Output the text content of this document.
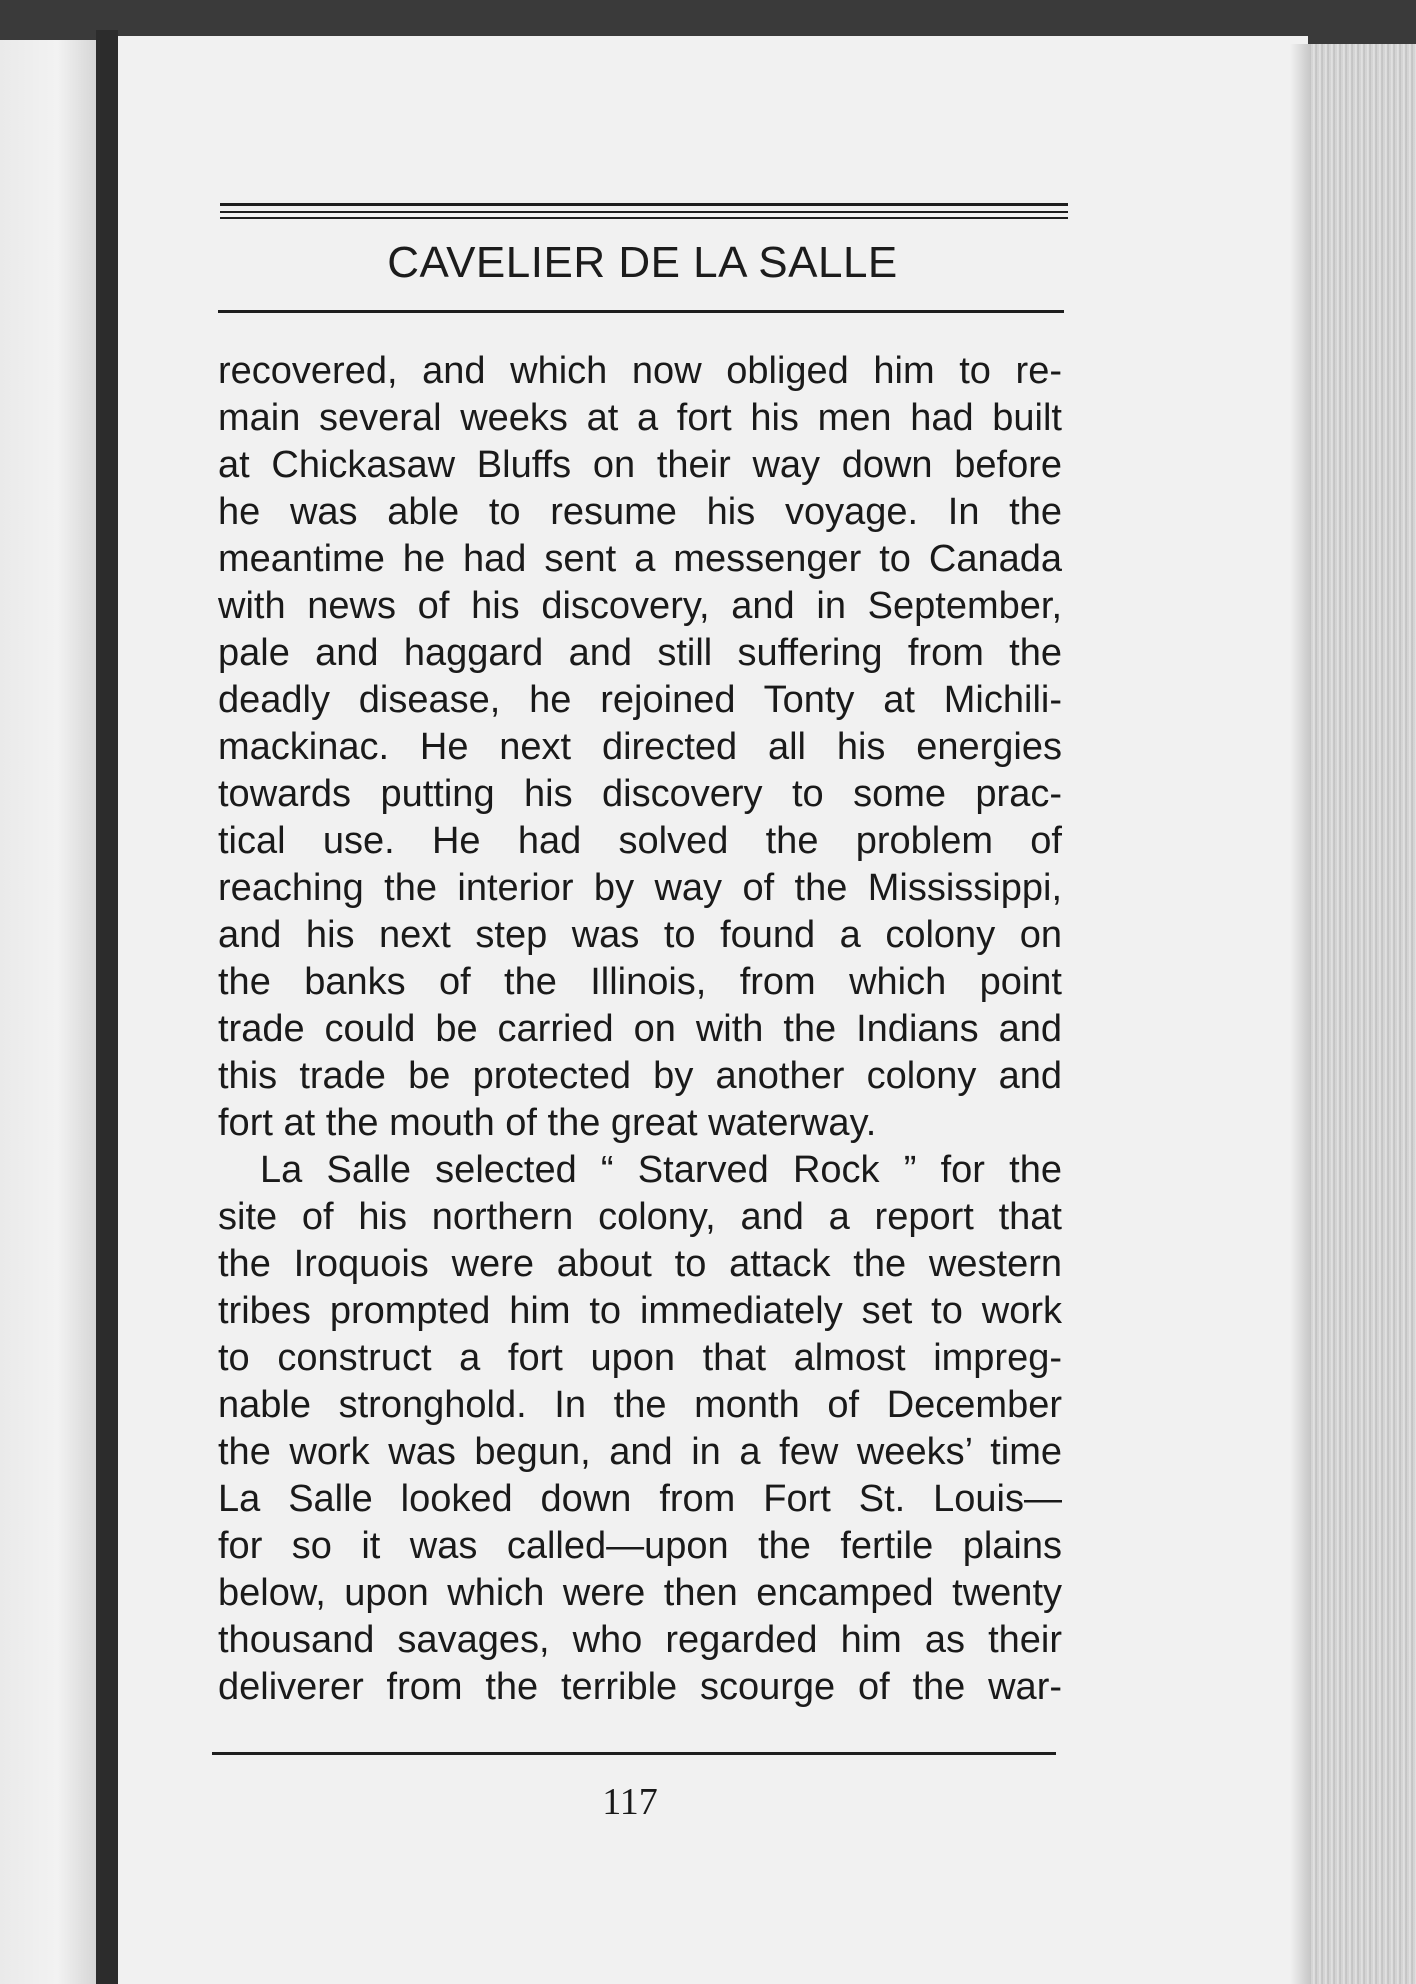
CAVELIER DE LA SALLE
recovered, and which now obliged him to re-
main several weeks at a fort his men had built
at Chickasaw Bluffs on their way down before
he was able to resume his voyage. In the
meantime he had sent a messenger to Canada
with news of his discovery, and in September,
pale and haggard and still suffering from the
deadly disease, he rejoined Tonty at Michili-
mackinac. He next directed all his energies
towards putting his discovery to some prac-
tical use. He had solved the problem of
reaching the interior by way of the Mississippi,
and his next step was to found a colony on
the banks of the Illinois, from which point
trade could be carried on with the Indians and
this trade be protected by another colony and
fort at the mouth of the great waterway.
La Salle selected “ Starved Rock ” for the
site of his northern colony, and a report that
the Iroquois were about to attack the western
tribes prompted him to immediately set to work
to construct a fort upon that almost impreg-
nable stronghold. In the month of December
the work was begun, and in a few weeks’ time
La Salle looked down from Fort St. Louis—
for so it was called—upon the fertile plains
below, upon which were then encamped twenty
thousand savages, who regarded him as their
deliverer from the terrible scourge of the war-
117
